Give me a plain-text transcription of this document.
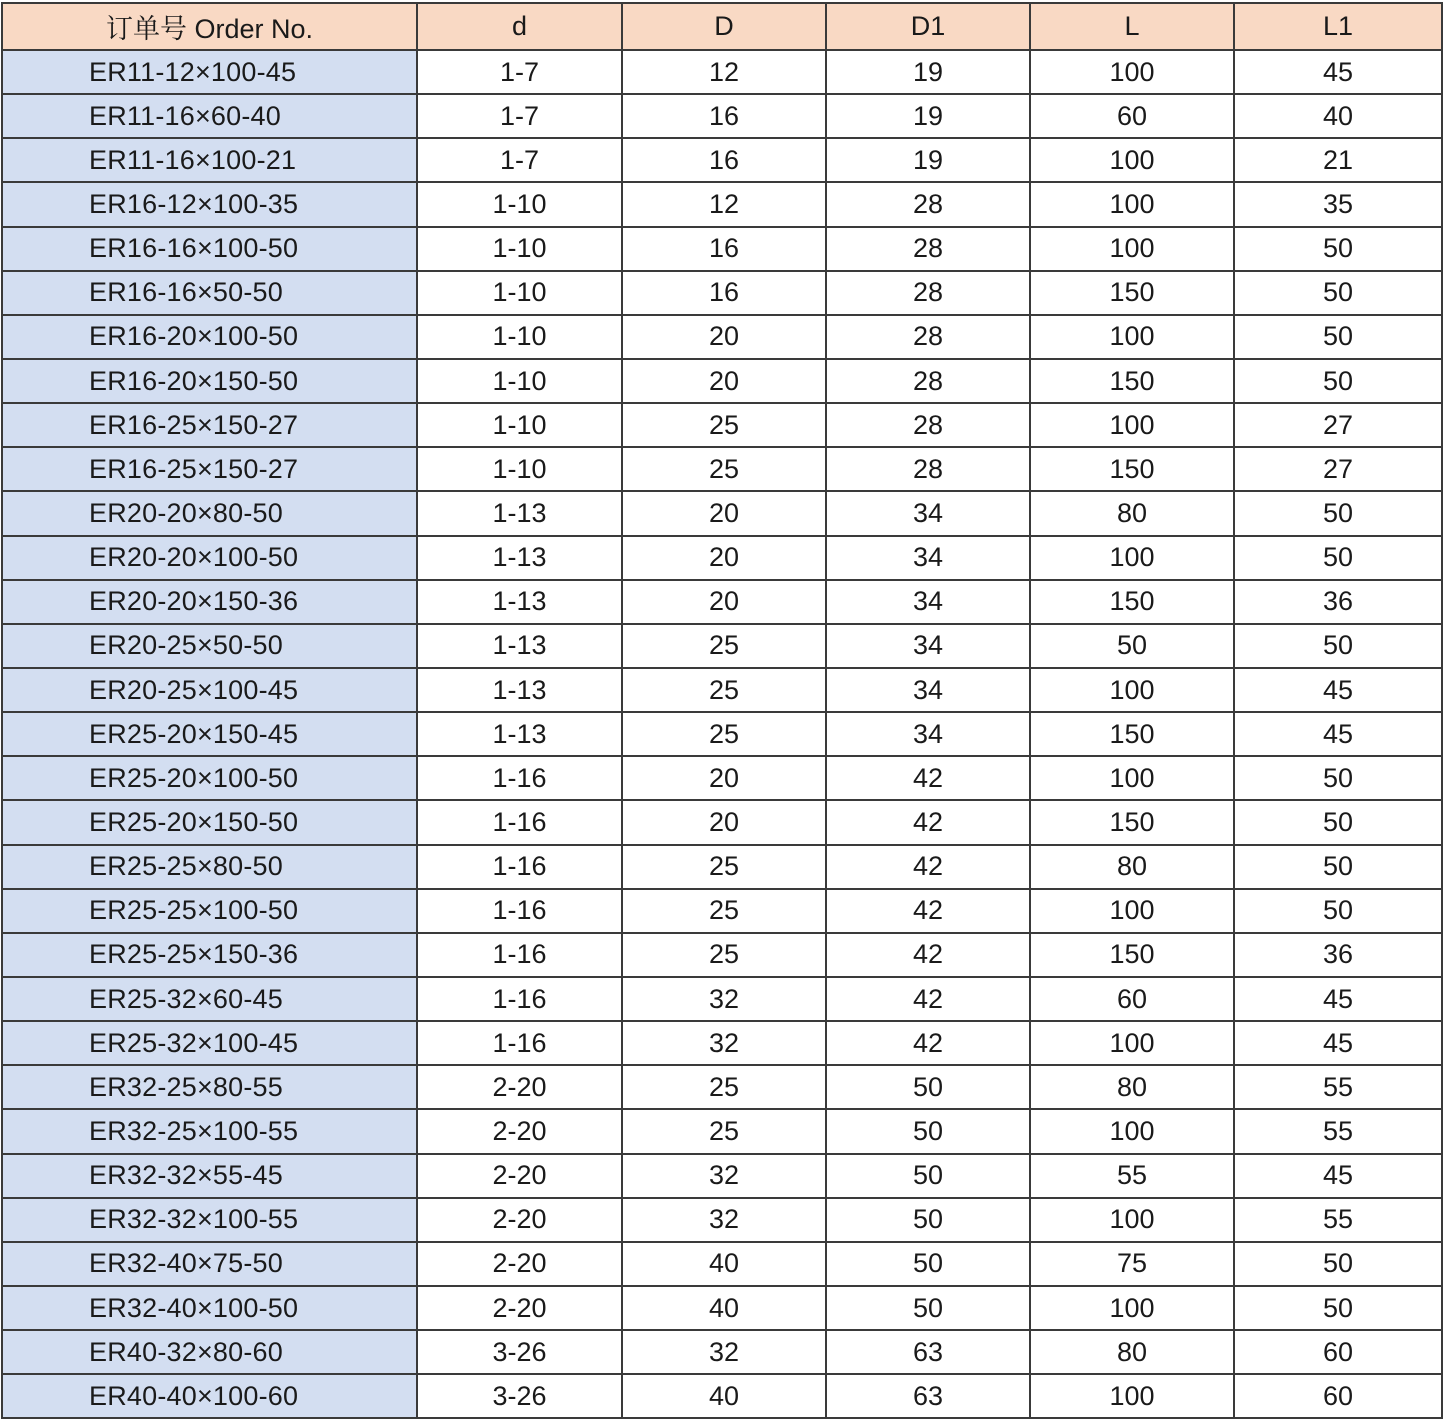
订单号 Order No.	d	D	D1	L	L1
ER11-12×100-45	1-7	12	19	100	45
ER11-16×60-40	1-7	16	19	60	40
ER11-16×100-21	1-7	16	19	100	21
ER16-12×100-35	1-10	12	28	100	35
ER16-16×100-50	1-10	16	28	100	50
ER16-16×50-50	1-10	16	28	150	50
ER16-20×100-50	1-10	20	28	100	50
ER16-20×150-50	1-10	20	28	150	50
ER16-25×150-27	1-10	25	28	100	27
ER16-25×150-27	1-10	25	28	150	27
ER20-20×80-50	1-13	20	34	80	50
ER20-20×100-50	1-13	20	34	100	50
ER20-20×150-36	1-13	20	34	150	36
ER20-25×50-50	1-13	25	34	50	50
ER20-25×100-45	1-13	25	34	100	45
ER25-20×150-45	1-13	25	34	150	45
ER25-20×100-50	1-16	20	42	100	50
ER25-20×150-50	1-16	20	42	150	50
ER25-25×80-50	1-16	25	42	80	50
ER25-25×100-50	1-16	25	42	100	50
ER25-25×150-36	1-16	25	42	150	36
ER25-32×60-45	1-16	32	42	60	45
ER25-32×100-45	1-16	32	42	100	45
ER32-25×80-55	2-20	25	50	80	55
ER32-25×100-55	2-20	25	50	100	55
ER32-32×55-45	2-20	32	50	55	45
ER32-32×100-55	2-20	32	50	100	55
ER32-40×75-50	2-20	40	50	75	50
ER32-40×100-50	2-20	40	50	100	50
ER40-32×80-60	3-26	32	63	80	60
ER40-40×100-60	3-26	40	63	100	60
